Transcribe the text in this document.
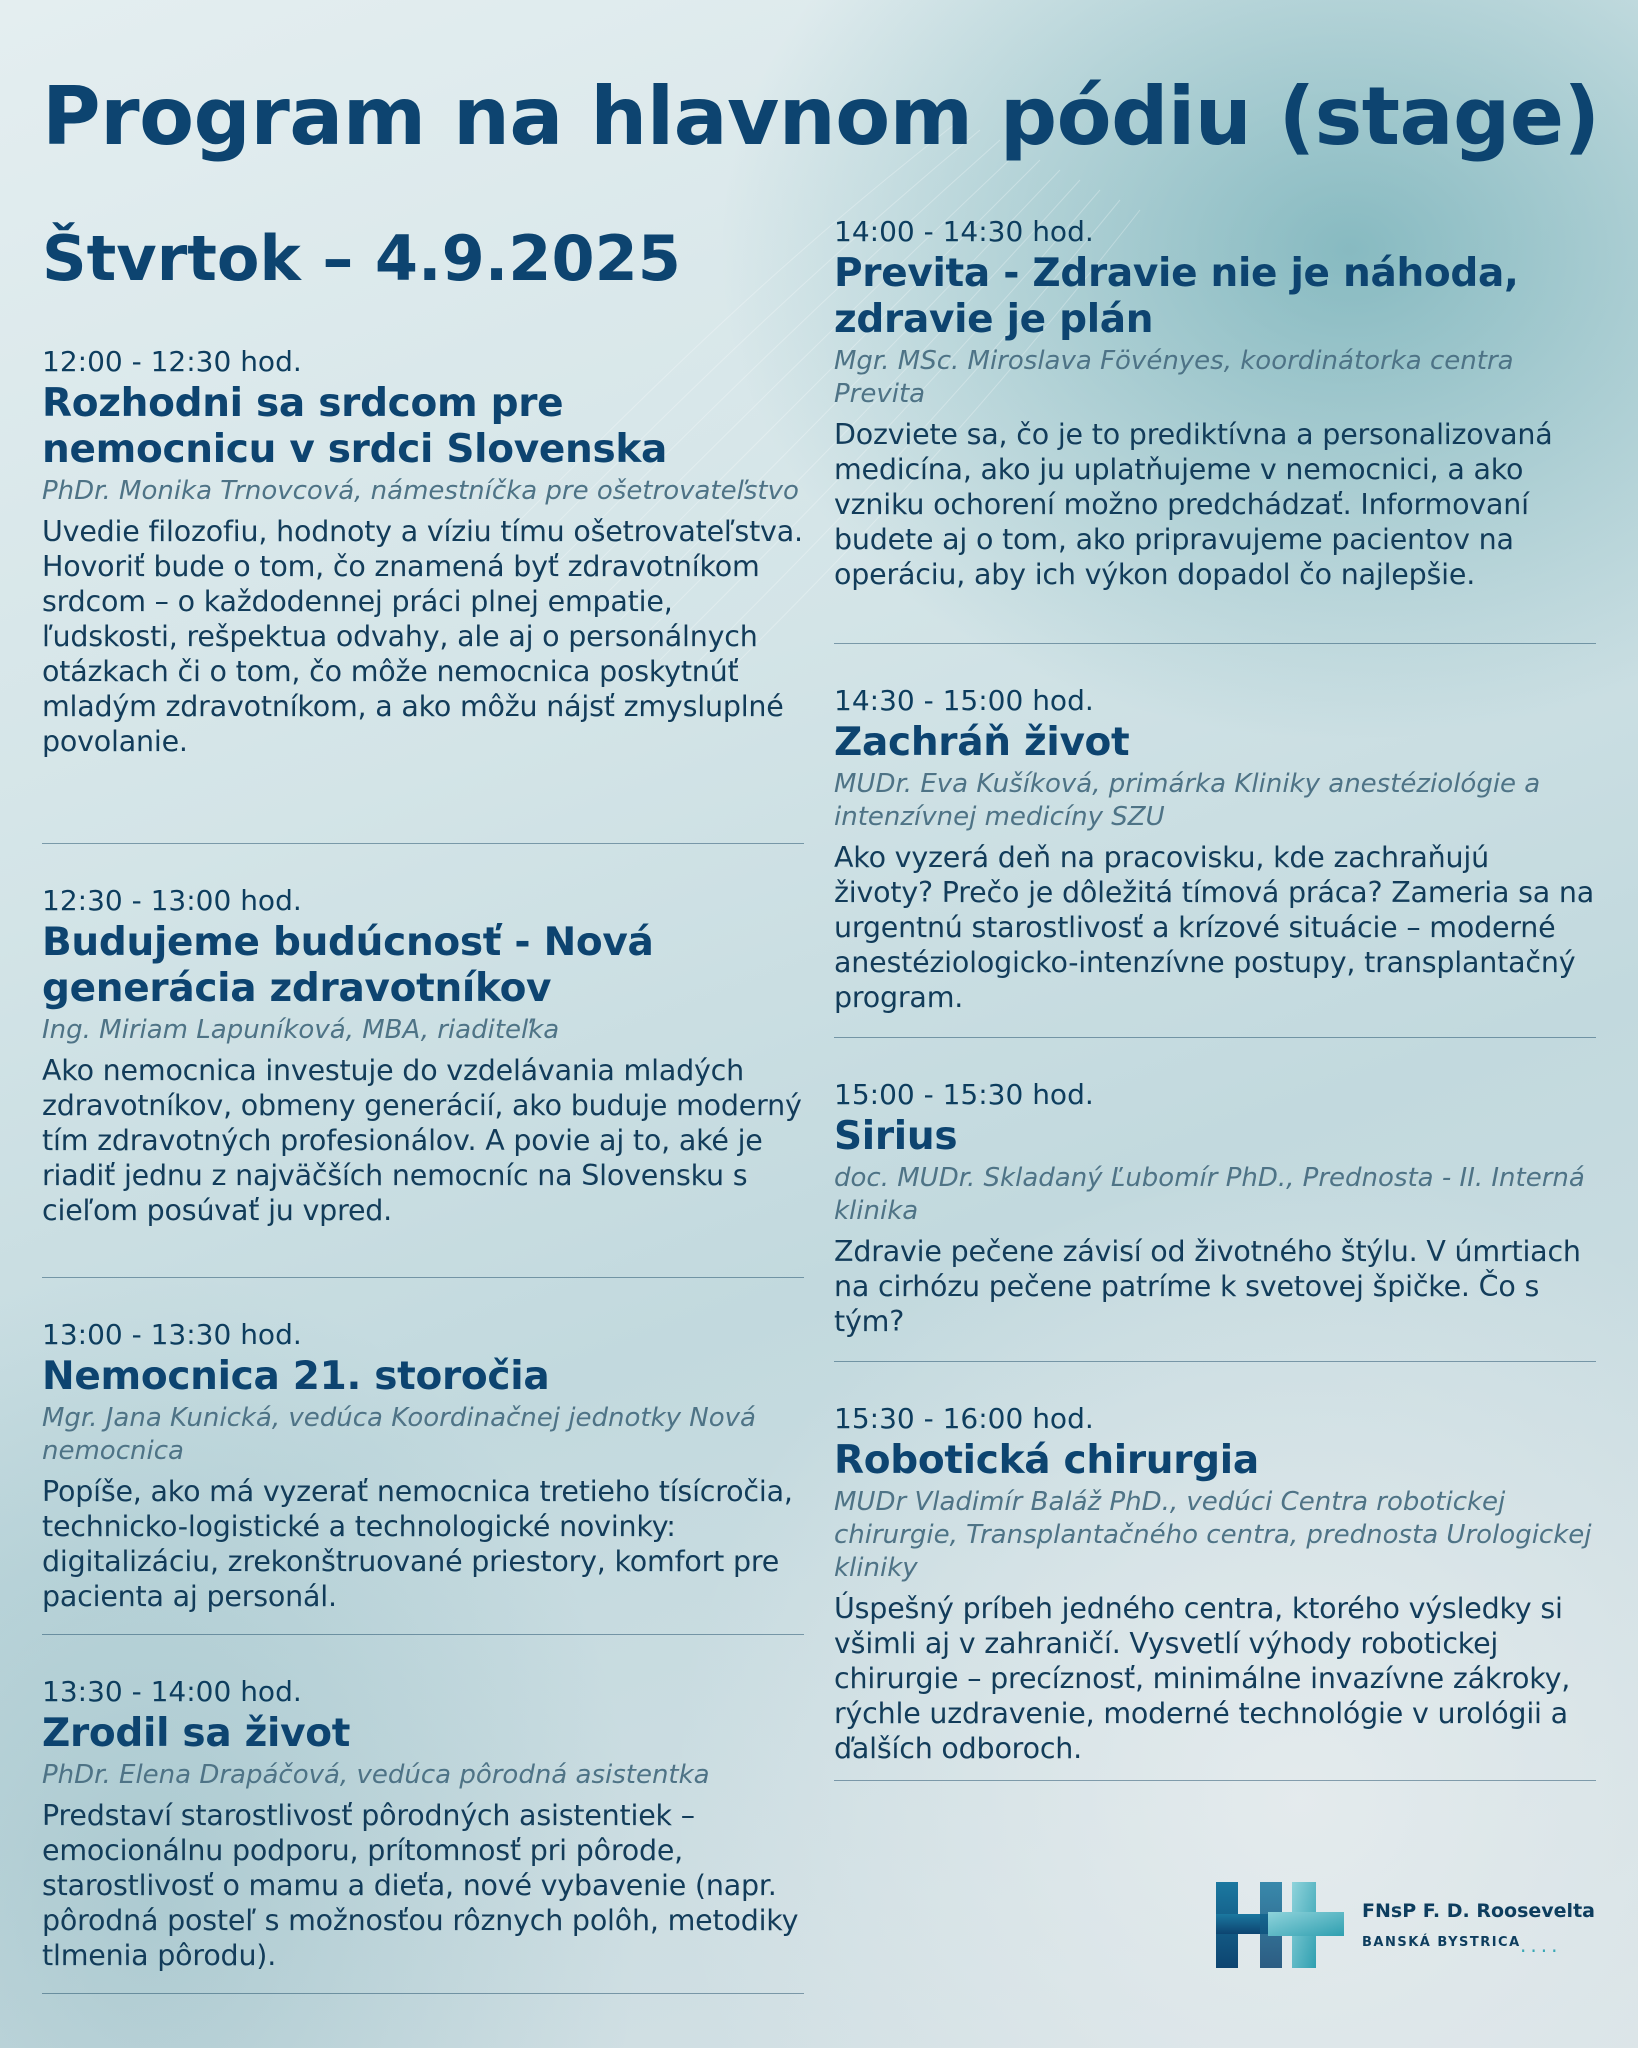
Program na hlavnom pódiu (stage)
Štvrtok – 4.9.2025
12:00 - 12:30 hod.
Rozhodni sa srdcom pre nemocnicu v srdci Slovenska
PhDr. Monika Trnovcová, námestníčka pre ošetrovateľstvo
Uvedie filozofiu, hodnoty a víziu tímu ošetrovateľstva. Hovoriť bude o tom, čo znamená byť zdravotníkom srdcom – o každodennej práci plnej empatie, ľudskosti, rešpektua odvahy, ale aj o personálnych otázkach či o tom, čo môže nemocnica poskytnúť mladým zdravotníkom, a ako môžu nájsť zmysluplné povolanie.
12:30 - 13:00 hod.
Budujeme budúcnosť - Nová generácia zdravotníkov
Ing. Miriam Lapuníková, MBA, riaditeľka
Ako nemocnica investuje do vzdelávania mladých zdravotníkov, obmeny generácií, ako buduje moderný tím zdravotných profesionálov. A povie aj to, aké je riadiť jednu z najväčších nemocníc na Slovensku s cieľom posúvať ju vpred.
13:00 - 13:30 hod.
Nemocnica 21. storočia
Mgr. Jana Kunická, vedúca Koordinačnej jednotky Nová nemocnica
Popíše, ako má vyzerať nemocnica tretieho tísícročia, technicko-logistické a technologické novinky: digitalizáciu, zrekonštruované priestory, komfort pre pacienta aj personál.
13:30 - 14:00 hod.
Zrodil sa život
PhDr. Elena Drapáčová, vedúca pôrodná asistentka
Predstaví starostlivosť pôrodných asistentiek – emocionálnu podporu, prítomnosť pri pôrode, starostlivosť o mamu a dieťa, nové vybavenie (napr. pôrodná posteľ s možnosťou rôznych polôh, metodiky tlmenia pôrodu).
14:00 - 14:30 hod.
Previta - Zdravie nie je náhoda, zdravie je plán
Mgr. MSc. Miroslava Fövényes, koordinátorka centra Previta
Dozviete sa, čo je to prediktívna a personalizovaná medicína, ako ju uplatňujeme v nemocnici, a ako vzniku ochorení možno predchádzať. Informovaní budete aj o tom, ako pripravujeme pacientov na operáciu, aby ich výkon dopadol čo najlepšie.
14:30 - 15:00 hod.
Zachráň život
MUDr. Eva Kušíková, primárka Kliniky anestéziológie a intenzívnej medicíny SZU
Ako vyzerá deň na pracovisku, kde zachraňujú životy? Prečo je dôležitá tímová práca? Zameria sa na urgentnú starostlivosť a krízové situácie – moderné anestéziologicko-intenzívne postupy, transplantačný program.
15:00 - 15:30 hod.
Sirius
doc. MUDr. Skladaný Ľubomír PhD., Prednosta - II. Interná klinika
Zdravie pečene závisí od životného štýlu. V úmrtiach na cirhózu pečene patríme k svetovej špičke. Čo s tým?
15:30 - 16:00 hod.
Robotická chirurgia
MUDr Vladimír Baláž PhD., vedúci Centra robotickej chirurgie, Transplantačného centra, prednosta Urologickej kliniky
Úspešný príbeh jedného centra, ktorého výsledky si všimli aj v zahraničí. Vysvetlí výhody robotickej chirurgie – precíznosť, minimálne invazívne zákroky, rýchle uzdravenie, moderné technológie v urológii a ďalších odboroch.
FNsP F. D. Roosevelta
BANSKÁ BYSTRICA ....
